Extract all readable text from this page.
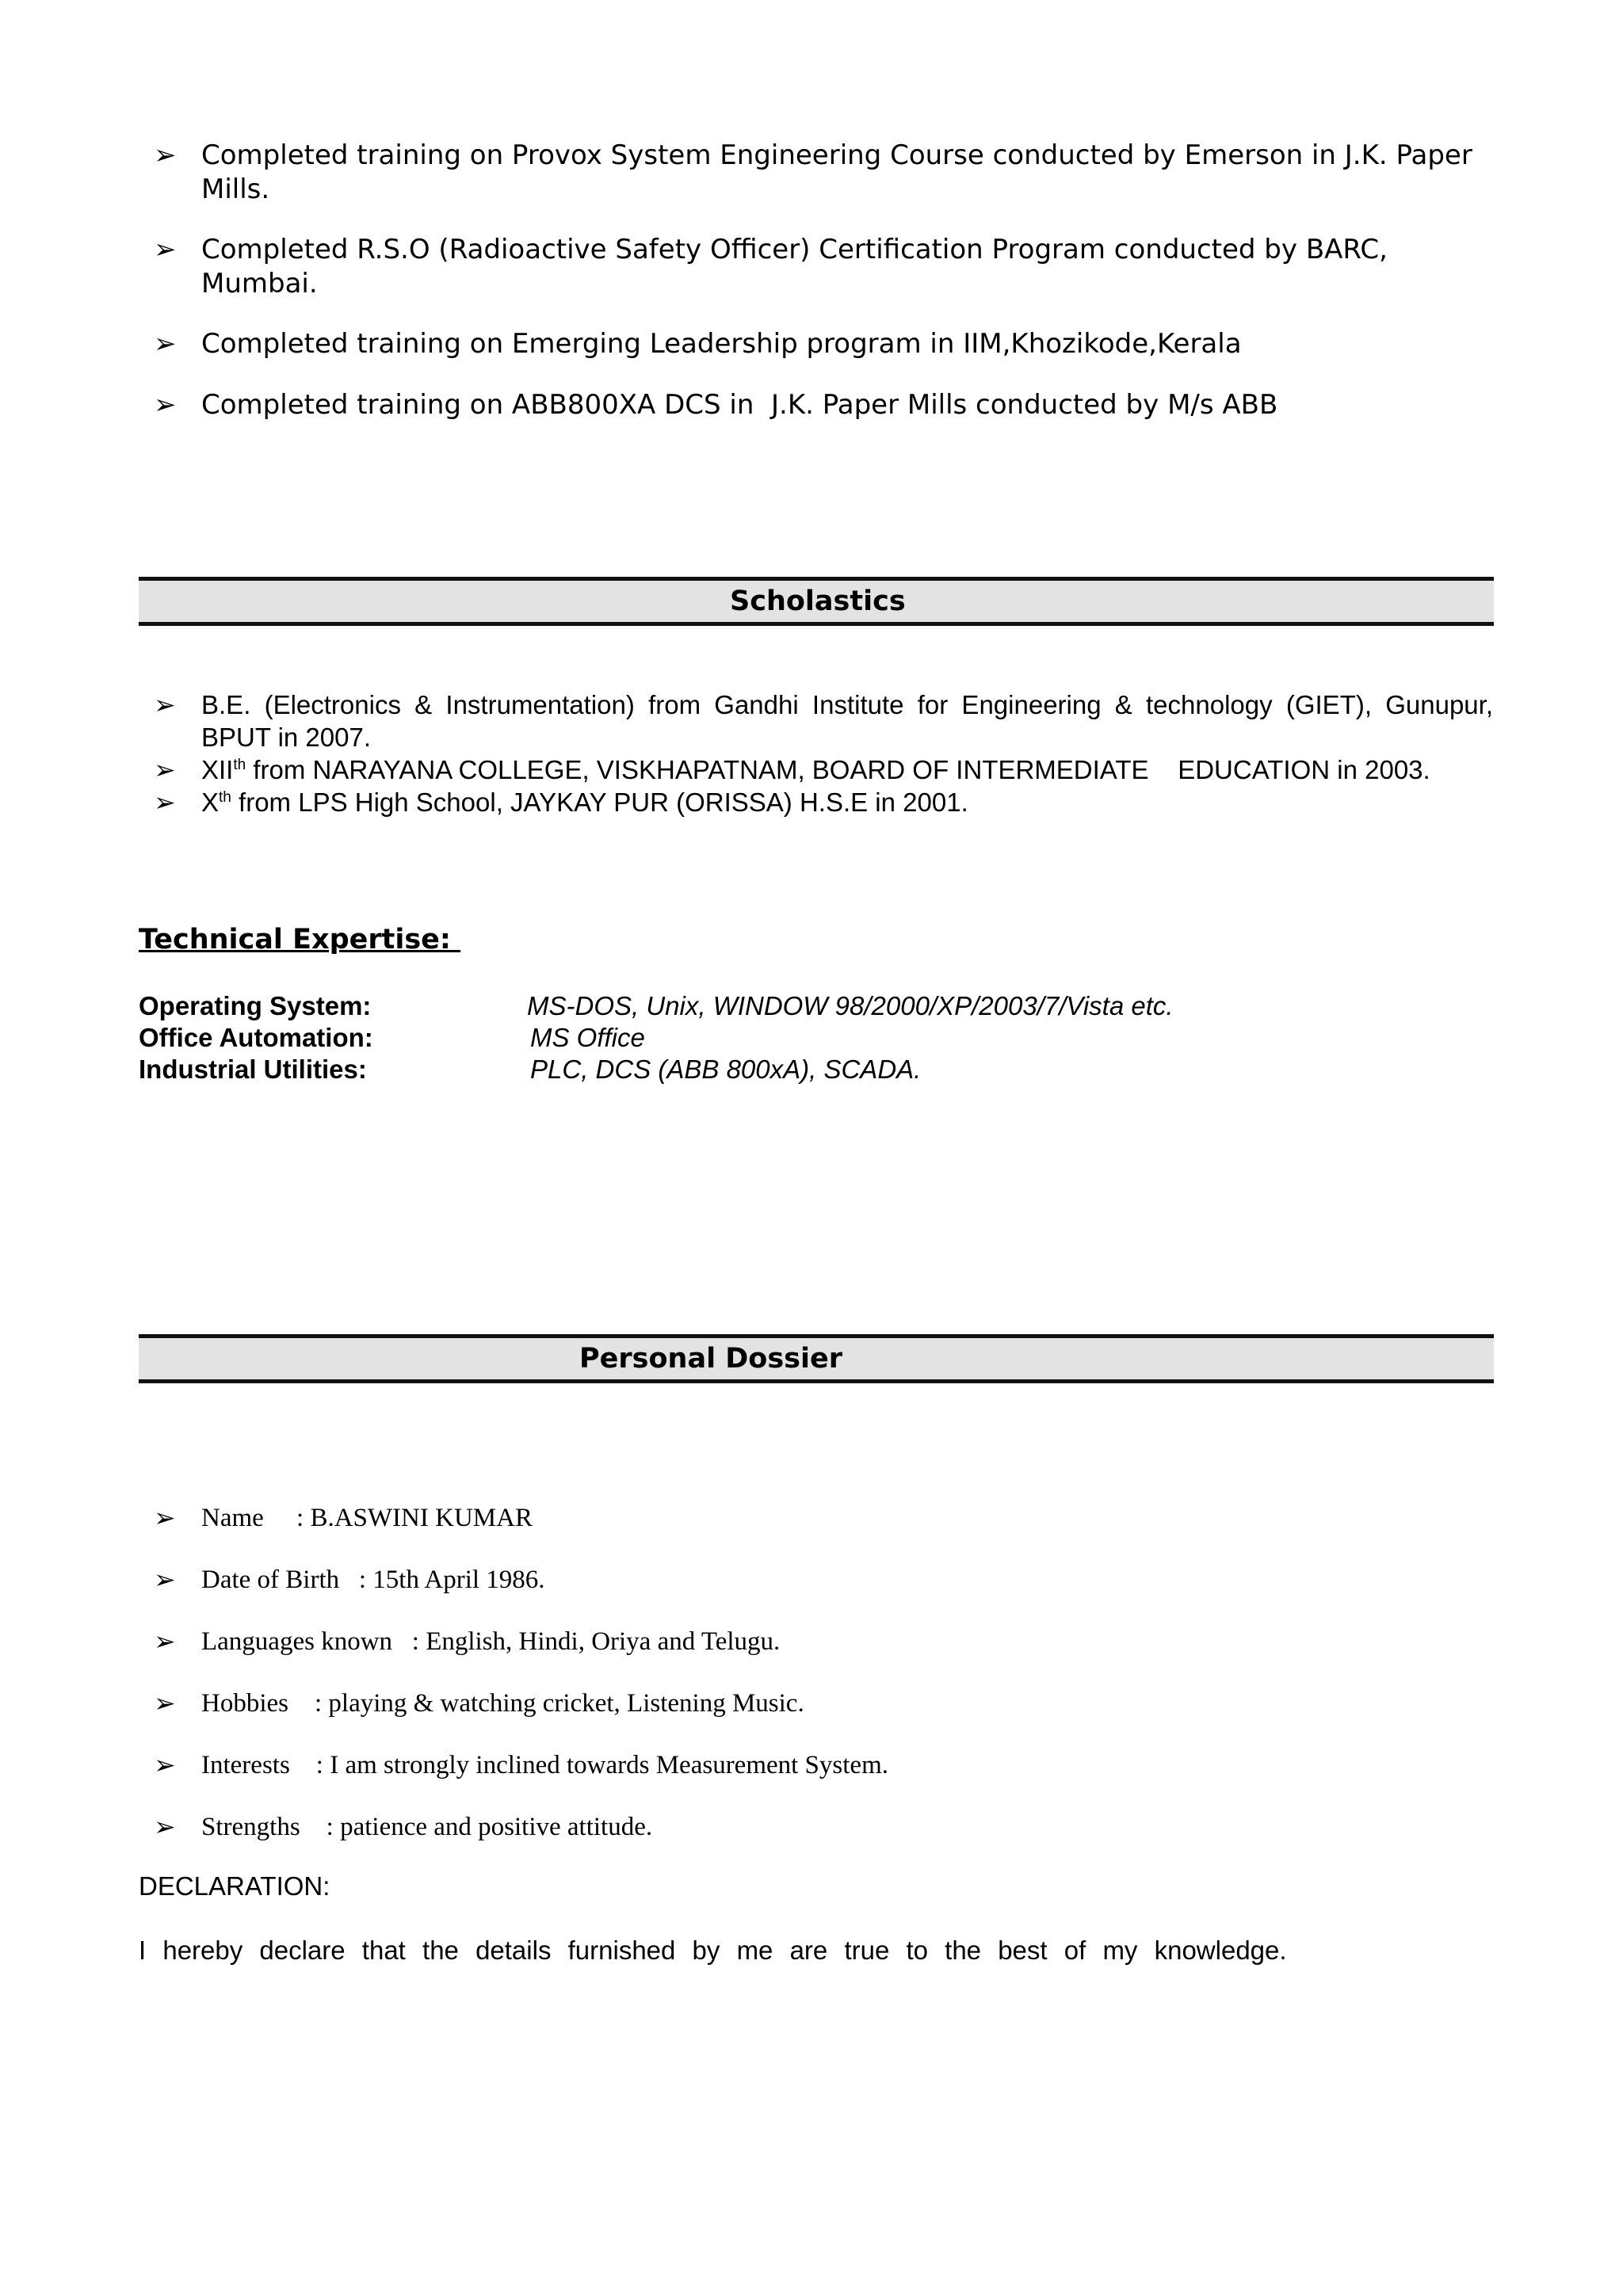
➢ Completed training on Provox System Engineering Course conducted by Emerson in J.K. Paper Mills.
➢ Completed R.S.O (Radioactive Safety Officer) Certification Program conducted by BARC, Mumbai.
➢ Completed training on Emerging Leadership program in IIM,Khozikode,Kerala
➢ Completed training on ABB800XA DCS in  J.K. Paper Mills conducted by M/s ABB
Scholastics
➢ B.E. (Electronics & Instrumentation) from Gandhi Institute for Engineering & technology (GIET), Gunupur, BPUT in 2007.
➢ XIIth from NARAYANA COLLEGE, VISKHAPATNAM, BOARD OF INTERMEDIATE    EDUCATION in 2003.
➢ Xth from LPS High School, JAYKAY PUR (ORISSA) H.S.E in 2001.
Technical Expertise:
Operating System:	MS-DOS, Unix, WINDOW 98/2000/XP/2003/7/Vista etc.
Office Automation:	MS Office
Industrial Utilities:	PLC, DCS (ABB 800xA), SCADA.
Personal Dossier
➢ Name     : B.ASWINI KUMAR
➢ Date of Birth   : 15th April 1986.
➢ Languages known   : English, Hindi, Oriya and Telugu.
➢ Hobbies    : playing & watching cricket, Listening Music.
➢ Interests    : I am strongly inclined towards Measurement System.
➢ Strengths    : patience and positive attitude.
DECLARATION:
I hereby declare that the details furnished by me are true to the best of my knowledge.
